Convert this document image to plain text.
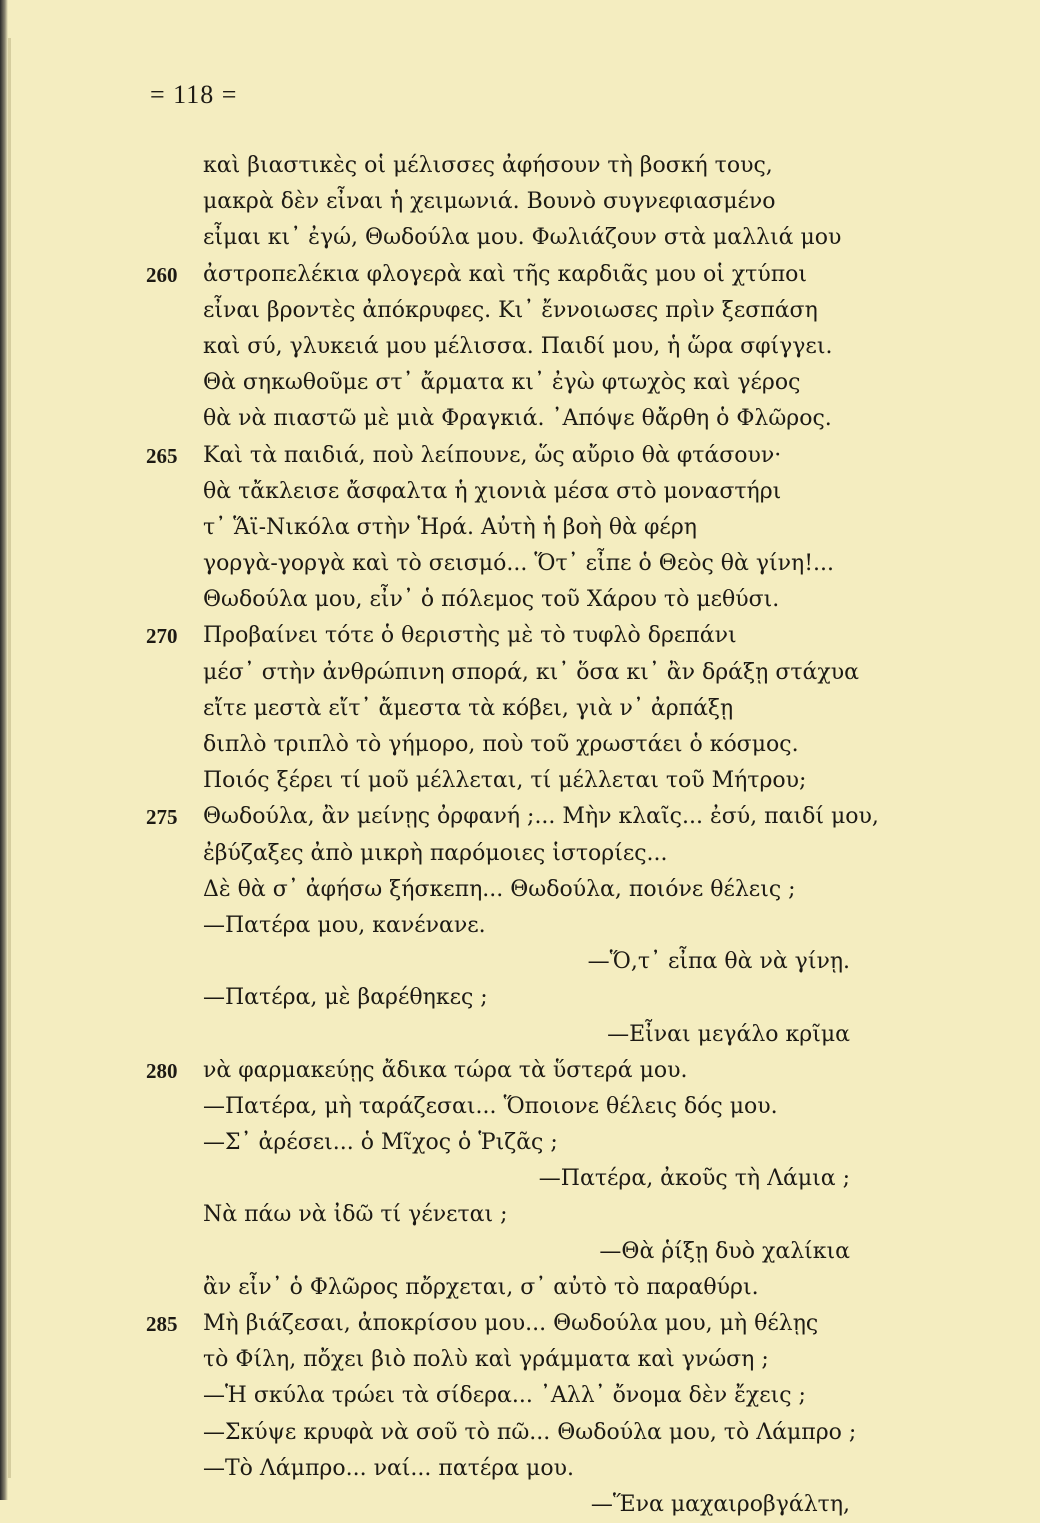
= 118 =
καὶ βιαστικὲς οἱ μέλισσες ἀφήσουν τὴ βοσκή τους,
μακρὰ δὲν εἶναι ἡ χειμωνιά. Βουνὸ συγνεφιασμένο
εἶμαι κι᾿ ἐγώ, Θωδούλα μου. Φωλιάζουν στὰ μαλλιά μου
260 ἀστροπελέκια φλογερὰ καὶ τῆς καρδιᾶς μου οἱ χτύποι
εἶναι βροντὲς ἀπόκρυφες. Κι᾿ ἔννοιωσες πρὶν ξεσπάση
καὶ σύ, γλυκειά μου μέλισσα. Παιδί μου, ἡ ὥρα σφίγγει.
Θὰ σηκωθοῦμε στ᾿ ἄρματα κι᾿ ἐγὼ φτωχὸς καὶ γέρος
θὰ νὰ πιαστῶ μὲ μιὰ Φραγκιά. ᾿Απόψε θἄρθη ὁ Φλῶρος.
265 Καὶ τὰ παιδιά, ποὺ λείπουνε, ὥς αὔριο θὰ φτάσουν·
θὰ τἄκλεισε ἄσφαλτα ἡ χιονιὰ μέσα στὸ μοναστήρι
τ᾿ Ἅϊ-Νικόλα στὴν Ἡρά. Αὐτὴ ἡ βοὴ θὰ φέρη
γοργὰ-γοργὰ καὶ τὸ σεισμό... Ὅτ᾿ εἶπε ὁ Θεὸς θὰ γίνη!...
Θωδούλα μου, εἶν᾿ ὁ πόλεμος τοῦ Χάρου τὸ μεθύσι.
270 Προβαίνει τότε ὁ θεριστὴς μὲ τὸ τυφλὸ δρεπάνι
μέσ᾿ στὴν ἀνθρώπινη σπορά, κι᾿ ὅσα κι᾿ ἂν δράξῃ στάχυα
εἴτε μεστὰ εἴτ᾿ ἄμεστα τὰ κόβει, γιὰ ν᾿ ἀρπάξῃ
διπλὸ τριπλὸ τὸ γήμορο, ποὺ τοῦ χρωστάει ὁ κόσμος.
Ποιός ξέρει τί μοῦ μέλλεται, τί μέλλεται τοῦ Μήτρου;
275 Θωδούλα, ἂν μείνῃς ὀρφανή ;... Μὴν κλαῖς... ἐσύ, παιδί μου,
ἐβύζαξες ἀπὸ μικρὴ παρόμοιες ἱστορίες...
Δὲ θὰ σ᾿ ἀφήσω ξήσκεπη... Θωδούλα, ποιόνε θέλεις ;
—Πατέρα μου, κανένανε.
—Ὅ,τ᾿ εἶπα θὰ νὰ γίνῃ.
—Πατέρα, μὲ βαρέθηκες ;
—Εἶναι μεγάλο κρῖμα
280 νὰ φαρμακεύῃς ἄδικα τώρα τὰ ὕστερά μου.
—Πατέρα, μὴ ταράζεσαι... Ὅποιονε θέλεις δός μου.
—Σ᾿ ἀρέσει... ὁ Μῖχος ὁ Ῥιζᾶς ;
—Πατέρα, ἀκοῦς τὴ Λάμια ;
Νὰ πάω νὰ ἰδῶ τί γένεται ;
—Θὰ ῥίξῃ δυὸ χαλίκια
ἂν εἶν᾿ ὁ Φλῶρος πὄρχεται, σ᾿ αὐτὸ τὸ παραθύρι.
285 Μὴ βιάζεσαι, ἀποκρίσου μου... Θωδούλα μου, μὴ θέλῃς
τὸ Φίλη, πὄχει βιὸ πολὺ καὶ γράμματα καὶ γνώση ;
—Ἡ σκύλα τρώει τὰ σίδερα... ᾿Αλλ᾿ ὄνομα δὲν ἔχεις ;
—Σκύψε κρυφὰ νὰ σοῦ τὸ πῶ... Θωδούλα μου, τὸ Λάμπρο ;
—Τὸ Λάμπρο... ναί... πατέρα μου.
—Ἕνα μαχαιροβγάλτη,
